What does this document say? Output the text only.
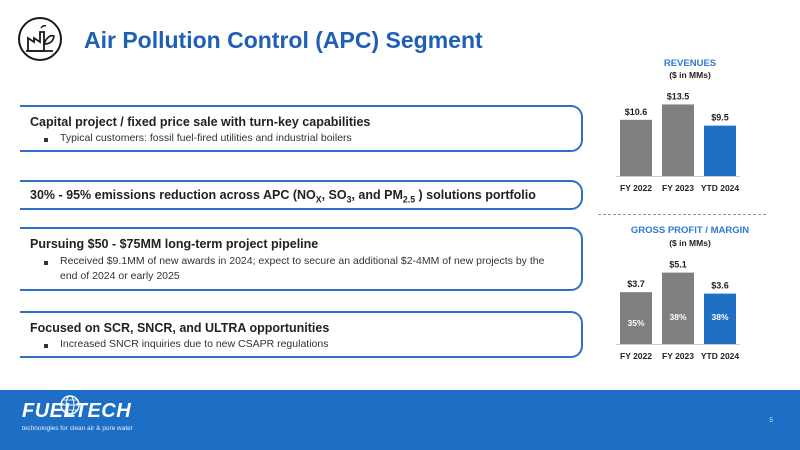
Air Pollution Control (APC) Segment
Capital project / fixed price sale with turn-key capabilities
Typical customers: fossil fuel-fired utilities and industrial boilers
30% - 95% emissions reduction across APC ($NO_X$, $SO_3$, and $PM_{2.5}$ ) solutions portfolio
Pursuing $50 - $75MM long-term project pipeline
Received $9.1MM of new awards in 2024; expect to secure an additional $2-4MM of new projects by the end of 2024 or early 2025
Focused on SCR, SNCR, and ULTRA opportunities
Increased SNCR inquiries due to new CSAPR regulations
REVENUES
($ in MMs)
$10.6
FY 2022
$13.5
FY 2023
$9.5
YTD 2024
GROSS PROFIT / MARGIN
($ in MMs)
$3.7
35%
FY 2022
$5.1
38%
FY 2023
$3.6
38%
YTD 2024
FUELTECH
technologies for clean air & pure water
5
